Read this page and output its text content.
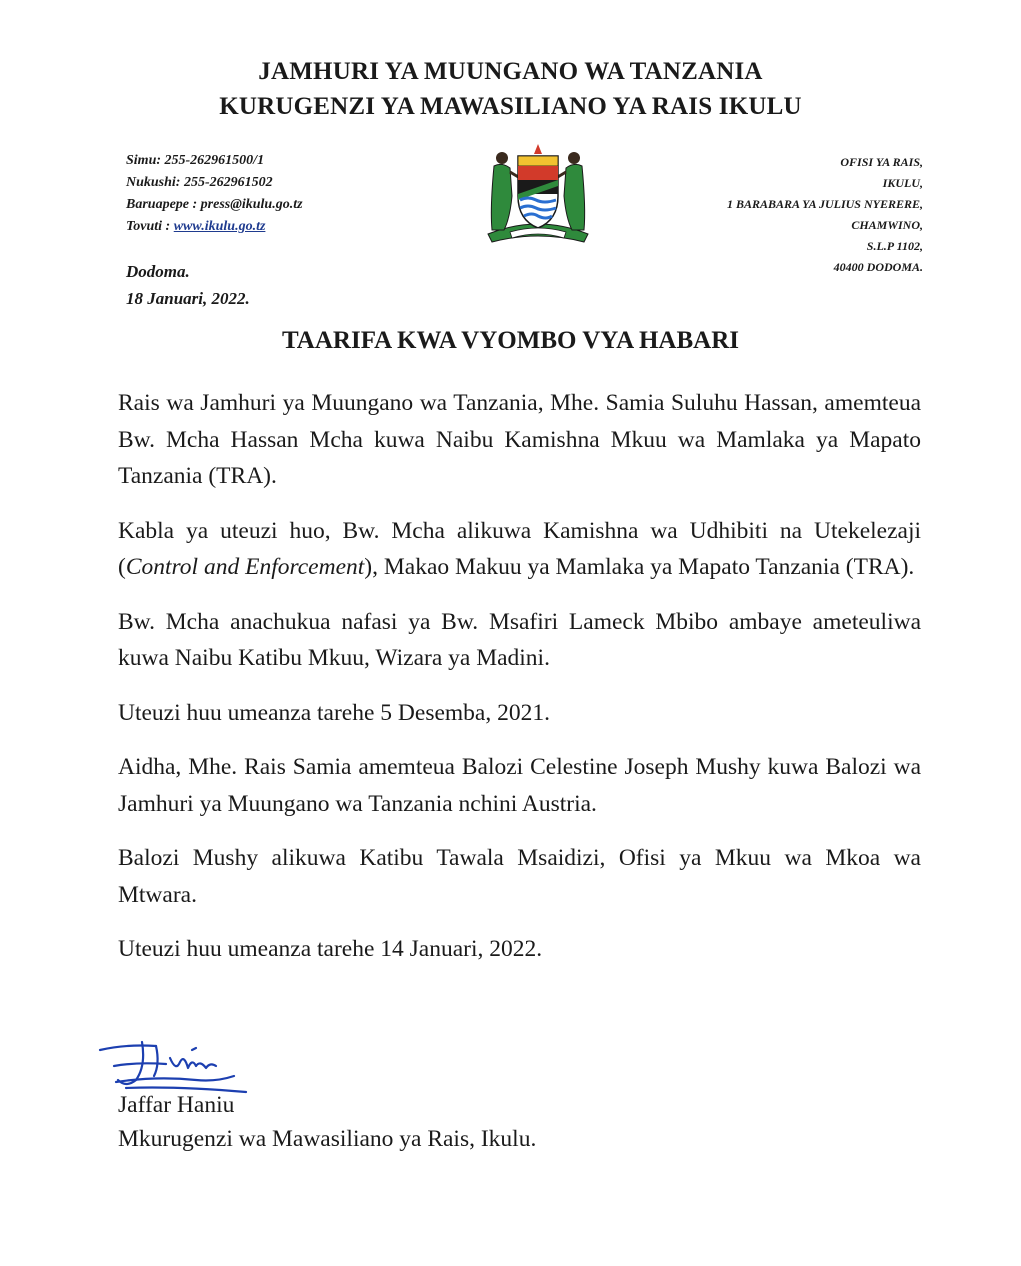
JAMHURI YA MUUNGANO WA TANZANIA
KURUGENZI YA MAWASILIANO YA RAIS IKULU
Simu: 255-262961500/1
Nukushi: 255-262961502
Baruapepe : press@ikulu.go.tz
Tovuti : www.ikulu.go.tz
OFISI YA RAIS,
IKULU,
1 BARABARA YA JULIUS NYERERE,
CHAMWINO,
S.L.P 1102,
40400 DODOMA.
Dodoma.
18 Januari, 2022.
TAARIFA KWA VYOMBO VYA HABARI

Rais wa Jamhuri ya Muungano wa Tanzania, Mhe. Samia Suluhu Hassan, amemteua Bw. Mcha Hassan Mcha kuwa Naibu Kamishna Mkuu wa Mamlaka ya Mapato Tanzania (TRA).

Kabla ya uteuzi huo, Bw. Mcha alikuwa Kamishna wa Udhibiti na Utekelezaji (Control and Enforcement), Makao Makuu ya Mamlaka ya Mapato Tanzania (TRA).

Bw. Mcha anachukua nafasi ya Bw. Msafiri Lameck Mbibo ambaye ameteuliwa kuwa Naibu Katibu Mkuu, Wizara ya Madini.

Uteuzi huu umeanza tarehe 5 Desemba, 2021.

Aidha, Mhe. Rais Samia amemteua Balozi Celestine Joseph Mushy kuwa Balozi wa Jamhuri ya Muungano wa Tanzania nchini Austria.

Balozi Mushy alikuwa Katibu Tawala Msaidizi, Ofisi ya Mkuu wa Mkoa wa Mtwara.

Uteuzi huu umeanza tarehe 14 Januari, 2022.

Jaffar Haniu
Mkurugenzi wa Mawasiliano ya Rais, Ikulu.
